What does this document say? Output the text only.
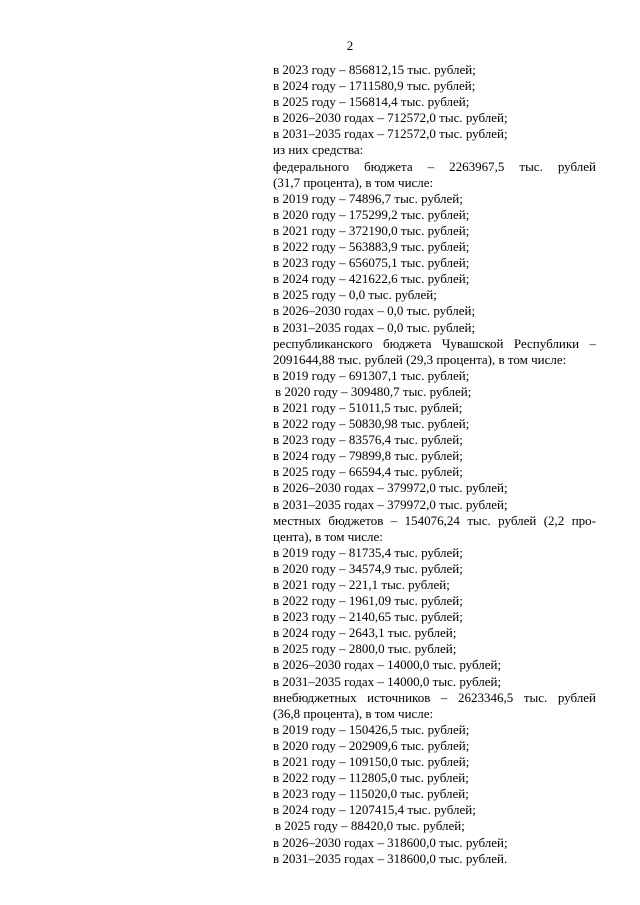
2
в 2023 году – 856812,15 тыс. рублей;
в 2024 году – 1711580,9 тыс. рублей;
в 2025 году – 156814,4 тыс. рублей;
в 2026–2030 годах – 712572,0 тыс. рублей;
в 2031–2035 годах – 712572,0 тыс. рублей;
из них средства:
федерального бюджета – 2263967,5 тыс. рублей
(31,7 процента), в том числе:
в 2019 году – 74896,7 тыс. рублей;
в 2020 году – 175299,2 тыс. рублей;
в 2021 году – 372190,0 тыс. рублей;
в 2022 году – 563883,9 тыс. рублей;
в 2023 году – 656075,1 тыс. рублей;
в 2024 году – 421622,6 тыс. рублей;
в 2025 году – 0,0 тыс. рублей;
в 2026–2030 годах – 0,0 тыс. рублей;
в 2031–2035 годах – 0,0 тыс. рублей;
республиканского бюджета Чувашской Республики –
2091644,88 тыс. рублей (29,3 процента), в том числе:
в 2019 году – 691307,1 тыс. рублей;
в 2020 году – 309480,7 тыс. рублей;
в 2021 году – 51011,5 тыс. рублей;
в 2022 году – 50830,98 тыс. рублей;
в 2023 году – 83576,4 тыс. рублей;
в 2024 году – 79899,8 тыс. рублей;
в 2025 году – 66594,4 тыс. рублей;
в 2026–2030 годах – 379972,0 тыс. рублей;
в 2031–2035 годах – 379972,0 тыс. рублей;
местных бюджетов – 154076,24 тыс. рублей (2,2 про-
цента), в том числе:
в 2019 году – 81735,4 тыс. рублей;
в 2020 году – 34574,9 тыс. рублей;
в 2021 году – 221,1 тыс. рублей;
в 2022 году – 1961,09 тыс. рублей;
в 2023 году – 2140,65 тыс. рублей;
в 2024 году – 2643,1 тыс. рублей;
в 2025 году – 2800,0 тыс. рублей;
в 2026–2030 годах – 14000,0 тыс. рублей;
в 2031–2035 годах – 14000,0 тыс. рублей;
внебюджетных источников – 2623346,5 тыс. рублей
(36,8 процента), в том числе:
в 2019 году – 150426,5 тыс. рублей;
в 2020 году – 202909,6 тыс. рублей;
в 2021 году – 109150,0 тыс. рублей;
в 2022 году – 112805,0 тыс. рублей;
в 2023 году – 115020,0 тыс. рублей;
в 2024 году – 1207415,4 тыс. рублей;
в 2025 году – 88420,0 тыс. рублей;
в 2026–2030 годах – 318600,0 тыс. рублей;
в 2031–2035 годах – 318600,0 тыс. рублей.
